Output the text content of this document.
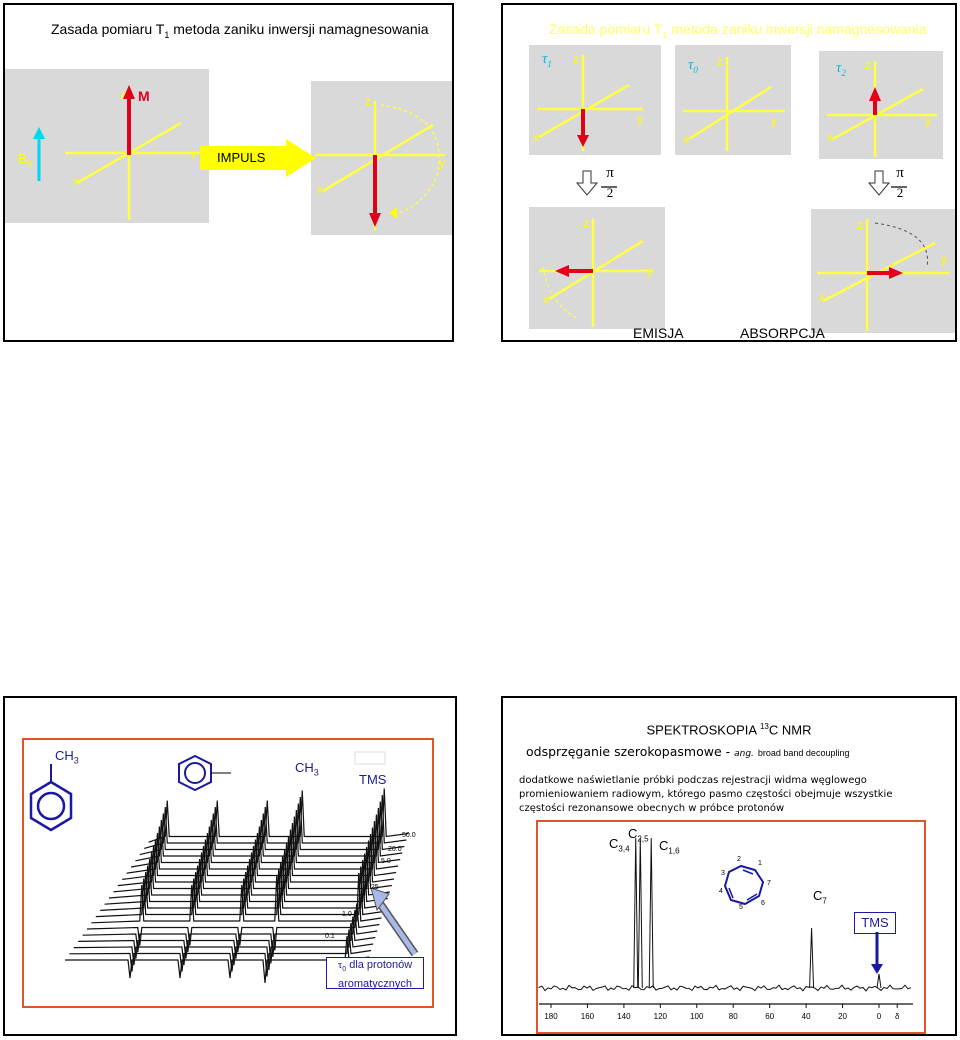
Zasada pomiaru $T_1$ metoda zaniku inwersji namagnesowania
z
y
x
M	z
y
x
$B_0$	IMPULS
Zasada pomiaru $T_1$ metoda zaniku inwersji namagnesowania
z
y
x
z
y
x
z
y
x
z
y
x
z
y
x
$\tau_1$	$\tau_0$	$\tau_2$
π
2
π
2
EMISJA	ABSORPCJA
$CH_3$	$CH_3$	TMS
50.0
20.0
5.0
2.25
1.0
0.1
$\tau_0$ dla protonów
aromatycznych
SPEKTROSKOPIA $^{13}$C NMR
odsprzęganie szerokopasmowe - ang. broad band decoupling
dodatkowe naświetlanie próbki podczas rejestracji widma węglowego
promieniowaniem radiowym, którego pasmo częstości obejmuje wszystkie
częstości rezonansowe obecnych w próbce protonów
$C_{3,4}$
$C_{2,5}$ $C_{1,6}$
$C_7$
1
2
3
4
5
6
7
TMS
180	160	140	120	100	80	60	40	20	0	δ
